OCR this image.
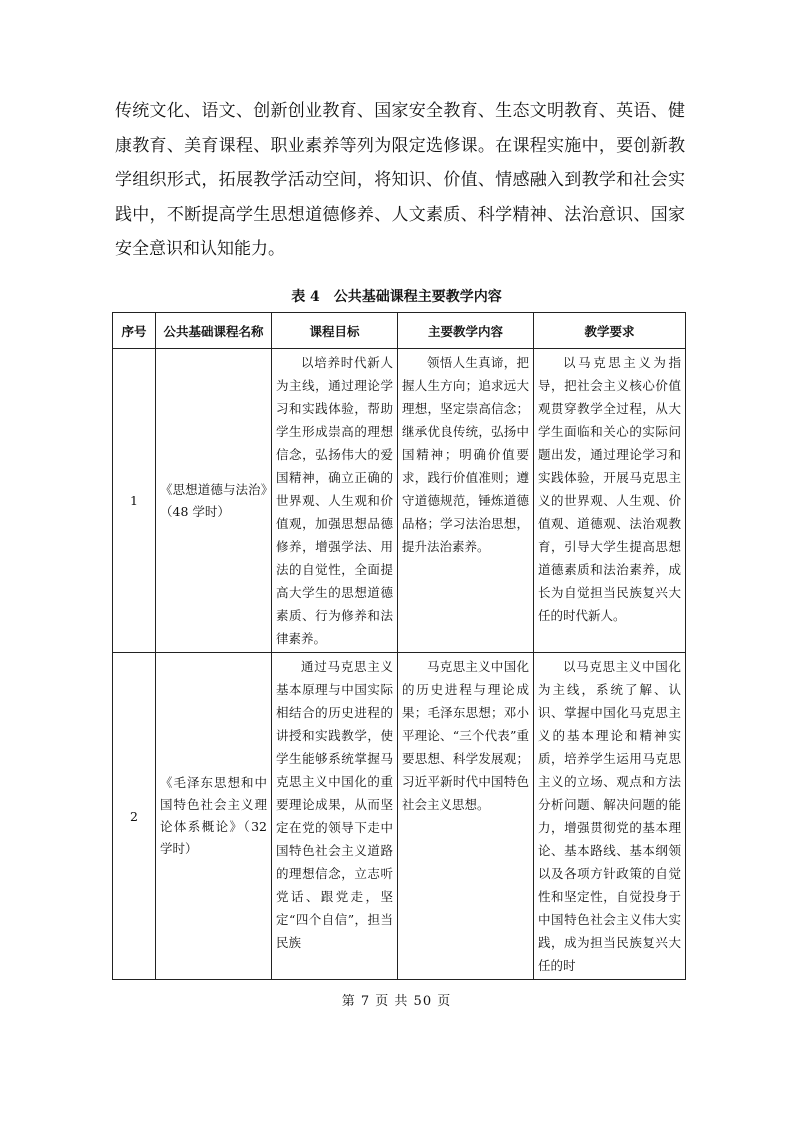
传统文化、语文、创新创业教育、国家安全教育、生态文明教育、英语、健康教育、美育课程、职业素养等列为限定选修课。在课程实施中，要创新教学组织形式，拓展教学活动空间，将知识、价值、情感融入到教学和社会实践中，不断提高学生思想道德修养、人文素质、科学精神、法治意识、国家安全意识和认知能力。
表 4　公共基础课程主要教学内容
序号	公共基础课程名称	课程目标	主要教学内容	教学要求
1	《思想道德与法治》（48 学时）	以培养时代新人为主线，通过理论学习和实践体验，帮助学生形成崇高的理想信念，弘扬伟大的爱国精神，确立正确的世界观、人生观和价值观，加强思想品德修养，增强学法、用法的自觉性，全面提高大学生的思想道德素质、行为修养和法律素养。	领悟人生真谛，把握人生方向；追求远大理想，坚定崇高信念；继承优良传统，弘扬中国精神；明确价值要求，践行价值准则；遵守道德规范，锤炼道德品格；学习法治思想，提升法治素养。	以马克思主义为指导，把社会主义核心价值观贯穿教学全过程，从大学生面临和关心的实际问题出发，通过理论学习和实践体验，开展马克思主义的世界观、人生观、价值观、道德观、法治观教育，引导大学生提高思想道德素质和法治素养，成长为自觉担当民族复兴大任的时代新人。
2	《毛泽东思想和中国特色社会主义理论体系概论》（32 学时）	通过马克思主义基本原理与中国实际相结合的历史进程的讲授和实践教学，使学生能够系统掌握马克思主义中国化的重要理论成果，从而坚定在党的领导下走中国特色社会主义道路的理想信念，立志听党话、跟党走，坚定“四个自信”，担当民族	马克思主义中国化的历史进程与理论成果；毛泽东思想；邓小平理论、“三个代表”重要思想、科学发展观；习近平新时代中国特色社会主义思想。	以马克思主义中国化为主线，系统了解、认识、掌握中国化马克思主义的基本理论和精神实质，培养学生运用马克思主义的立场、观点和方法分析问题、解决问题的能力，增强贯彻党的基本理论、基本路线、基本纲领以及各项方针政策的自觉性和坚定性，自觉投身于中国特色社会主义伟大实践，成为担当民族复兴大任的时
第 7 页 共 50 页
